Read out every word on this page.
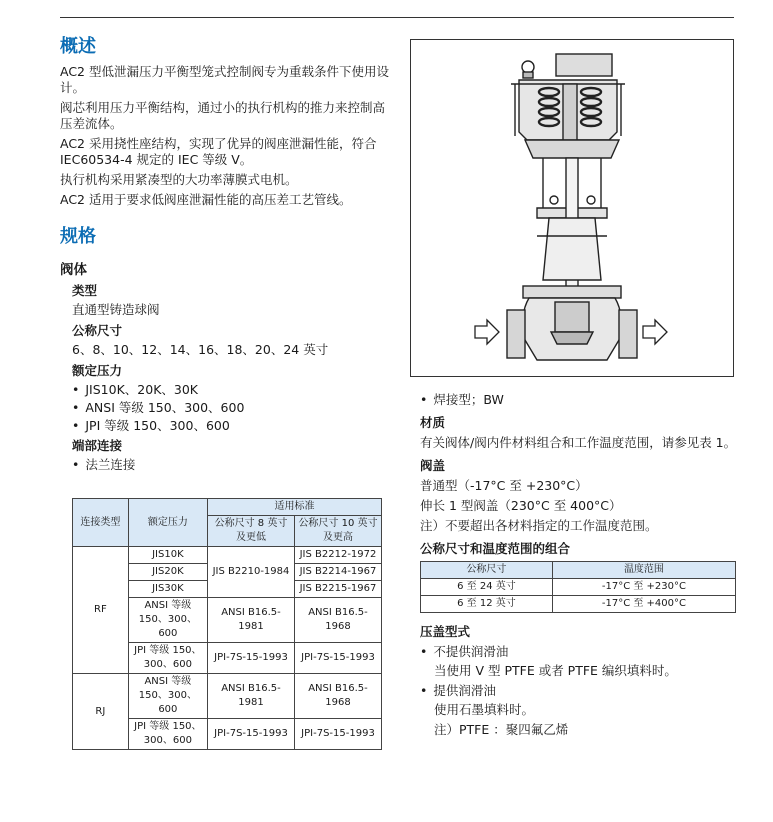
概述
AC2 型低泄漏压力平衡型笼式控制阀专为重载条件下使用设计。
阀芯利用压力平衡结构，通过小的执行机构的推力来控制高压差流体。
AC2 采用挠性座结构，实现了优异的阀座泄漏性能，符合 IEC60534-4 规定的 IEC 等级 V。
执行机构采用紧凑型的大功率薄膜式电机。
AC2 适用于要求低阀座泄漏性能的高压差工艺管线。
规格
阀体
类型
直通型铸造球阀
公称尺寸
6、8、10、12、14、16、18、20、24 英寸
额定压力
• JIS10K、20K、30K
• ANSI 等级 150、300、600
• JPI 等级 150、300、600
端部连接
• 法兰连接
连接类型	额定压力	适用标准	
		公称尺寸 8 英寸及更低	公称尺寸 10 英寸及更高
RF	JIS10K	JIS B2210-1984	JIS B2212-1972
	JIS20K		JIS B2214-1967
	JIS30K		JIS B2215-1967
	ANSI 等级 150、300、600	ANSI B16.5-1981	ANSI B16.5-1968
	JPI 等级 150、300、600	JPI-7S-15-1993	JPI-7S-15-1993
RJ	ANSI 等级 150、300、600	ANSI B16.5-1981	ANSI B16.5-1968
	JPI 等级 150、300、600	JPI-7S-15-1993	JPI-7S-15-1993
• 焊接型；BW
材质
有关阀体/阀内件材料组合和工作温度范围，请参见表 1。
阀盖
普通型（-17°C 至 +230°C）
伸长 1 型阀盖（230°C 至 400°C）
注）不要超出各材料指定的工作温度范围。
公称尺寸和温度范围的组合
公称尺寸	温度范围
6 至 24 英寸	-17°C 至 +230°C
6 至 12 英寸	-17°C 至 +400°C
压盖型式
• 不提供润滑油
当使用 V 型 PTFE 或者 PTFE 编织填料时。
• 提供润滑油
使用石墨填料时。
注）PTFE ：聚四氟乙烯
